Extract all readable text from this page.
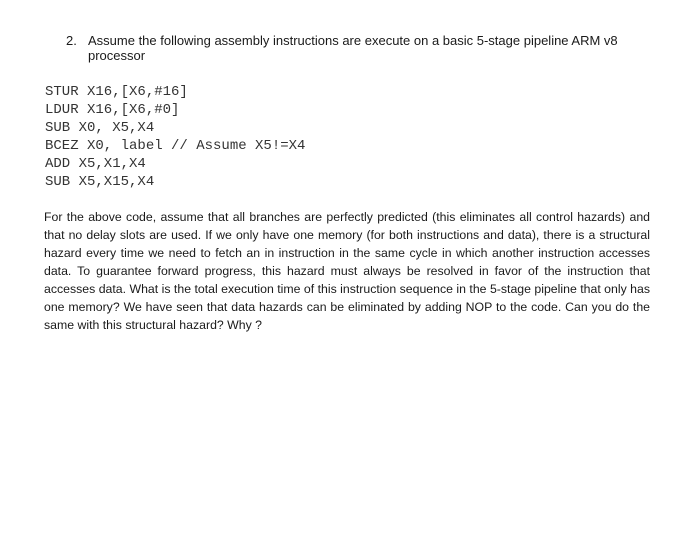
2. Assume the following assembly instructions are execute on a basic 5-stage pipeline ARM v8 processor
STUR X16,[X6,#16]
LDUR X16,[X6,#0]
SUB X0, X5,X4
BCEZ X0, label // Assume X5!=X4
ADD X5,X1,X4
SUB X5,X15,X4

For the above code, assume that all branches are perfectly predicted (this eliminates all control hazards) and that no delay slots are used. If we only have one memory (for both instructions and data), there is a structural hazard every time we need to fetch an in instruction in the same cycle in which another instruction accesses data. To guarantee forward progress, this hazard must always be resolved in favor of the instruction that accesses data. What is the total execution time of this instruction sequence in the 5-stage pipeline that only has one memory? We have seen that data hazards can be eliminated by adding NOP to the code. Can you do the same with this structural hazard? Why ?
